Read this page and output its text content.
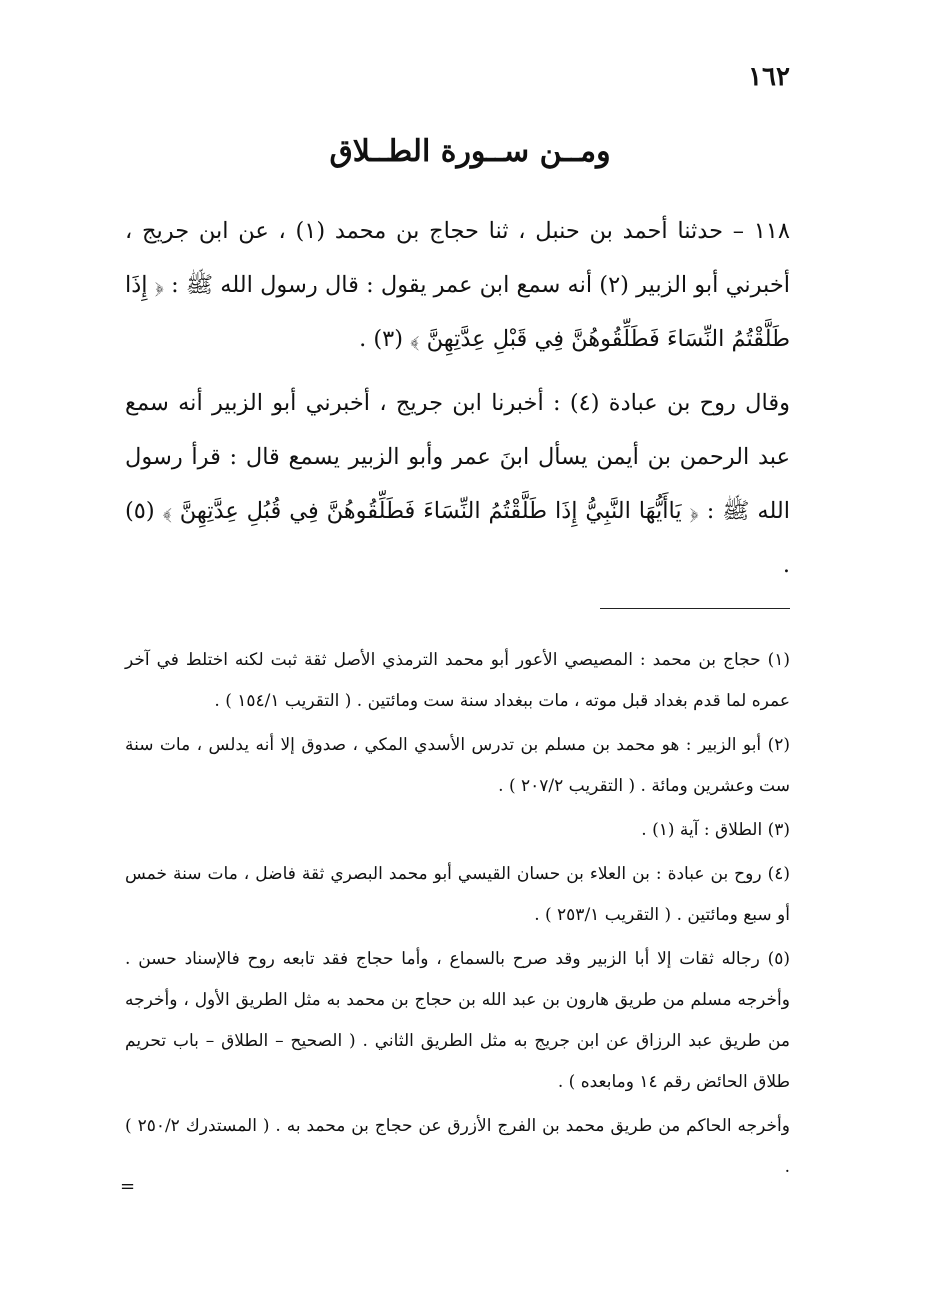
١٦٢
ومــن ســورة الطــلاق

١١٨ – حدثنا أحمد بن حنبل ، ثنا حجاج بن محمد (١) ، عن ابن جريج ، أخبرني أبو الزبير (٢) أنه سمع ابن عمر يقول : قال رسول الله ﷺ : ﴿ إِذَا طَلَّقْتُمُ النِّسَاءَ فَطَلِّقُوهُنَّ فِي قَبْلِ عِدَّتِهِنَّ ﴾ (٣) .

وقال روح بن عبادة (٤) : أخبرنا ابن جريج ، أخبرني أبو الزبير أنه سمع عبد الرحمن بن أيمن يسأل ابنَ عمر وأبو الزبير يسمع قال : قرأ رسول الله ﷺ : ﴿ يَاأَيُّهَا النَّبِيُّ إِذَا طَلَّقْتُمُ النِّسَاءَ فَطَلِّقُوهُنَّ فِي قُبُلِ عِدَّتِهِنَّ ﴾ (٥) .

(١) حجاج بن محمد : المصيصي الأعور أبو محمد الترمذي الأصل ثقة ثبت لكنه اختلط في آخر عمره لما قدم بغداد قبل موته ، مات ببغداد سنة ست ومائتين . ( التقريب ١٥٤/١ ) .

(٢) أبو الزبير : هو محمد بن مسلم بن تدرس الأسدي المكي ، صدوق إلا أنه يدلس ، مات سنة ست وعشرين ومائة . ( التقريب ٢٠٧/٢ ) .

(٣) الطلاق : آية (١) .

(٤) روح بن عبادة : بن العلاء بن حسان القيسي أبو محمد البصري ثقة فاضل ، مات سنة خمس أو سبع ومائتين . ( التقريب ٢٥٣/١ ) .

(٥) رجاله ثقات إلا أبا الزبير وقد صرح بالسماع ، وأما حجاج فقد تابعه روح فالإسناد حسن . وأخرجه مسلم من طريق هارون بن عبد الله بن حجاج بن محمد به مثل الطريق الأول ، وأخرجه من طريق عبد الرزاق عن ابن جريج به مثل الطريق الثاني . ( الصحيح – الطلاق – باب تحريم طلاق الحائض رقم ١٤ ومابعده ) .

وأخرجه الحاكم من طريق محمد بن الفرج الأزرق عن حجاج بن محمد به . ( المستدرك ٢٥٠/٢ ) .

=
